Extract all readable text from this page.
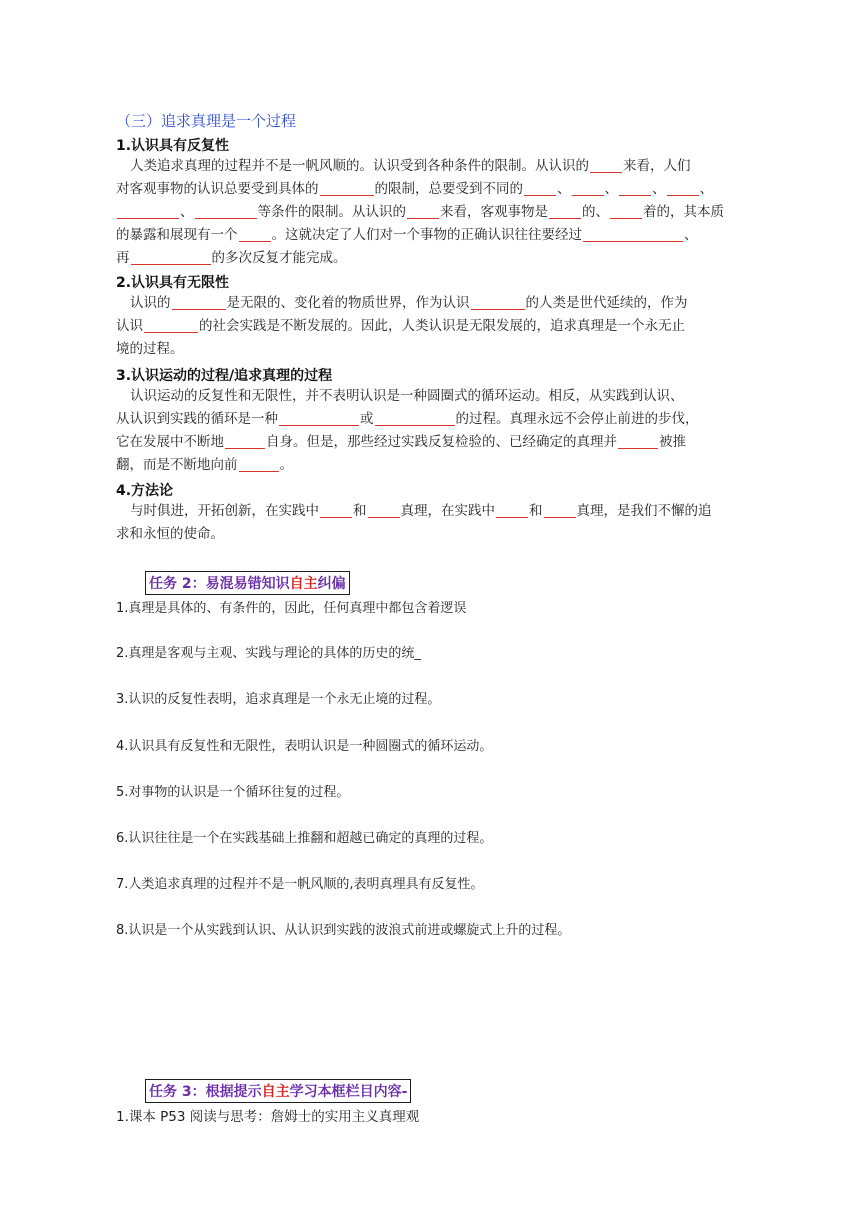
（三）追求真理是一个过程
1.认识具有反复性
人类追求真理的过程并不是一帆风顺的。认识受到各种条件的限制。从认识的	来看，人们
对客观事物的认识总要受到具体的	的限制，总要受到不同的	、	、	、	、
、	等条件的限制。从认识的	来看，客观事物是	的、	着的，其本质
的暴露和展现有一个	。这就决定了人们对一个事物的正确认识往往要经过	、
再	的多次反复才能完成。
2.认识具有无限性
认识的	是无限的、变化着的物质世界，作为认识	的人类是世代延续的，作为
认识	的社会实践是不断发展的。因此，人类认识是无限发展的，追求真理是一个永无止
境的过程。
3.认识运动的过程/追求真理的过程
认识运动的反复性和无限性，并不表明认识是一种圆圈式的循环运动。相反，从实践到认识、
从认识到实践的循环是一种	或	的过程。真理永远不会停止前进的步伐，
它在发展中不断地	自身。但是，那些经过实践反复检验的、已经确定的真理并	被推
翻，而是不断地向前	。
4.方法论
与时俱进，开拓创新，在实践中	和	真理，在实践中	和	真理，是我们不懈的追
求和永恒的使命。
任务 2：易混易错知识自主纠偏
1.真理是具体的、有条件的，因此，任何真理中都包含着逻误
2.真理是客观与主观、实践与理论的具体的历史的统_
3.认识的反复性表明，追求真理是一个永无止境的过程。
4.认识具有反复性和无限性，表明认识是一种圆圈式的循环运动。
5.对事物的认识是一个循环往复的过程。
6.认识往往是一个在实践基础上推翻和超越已确定的真理的过程。
7.人类追求真理的过程并不是一帆风顺的,表明真理具有反复性。
8.认识是一个从实践到认识、从认识到实践的波浪式前进或螺旋式上升的过程。
任务 3：根据提示自主学习本框栏目内容-
1.课本 P53 阅读与思考：詹姆士的实用主义真理观
